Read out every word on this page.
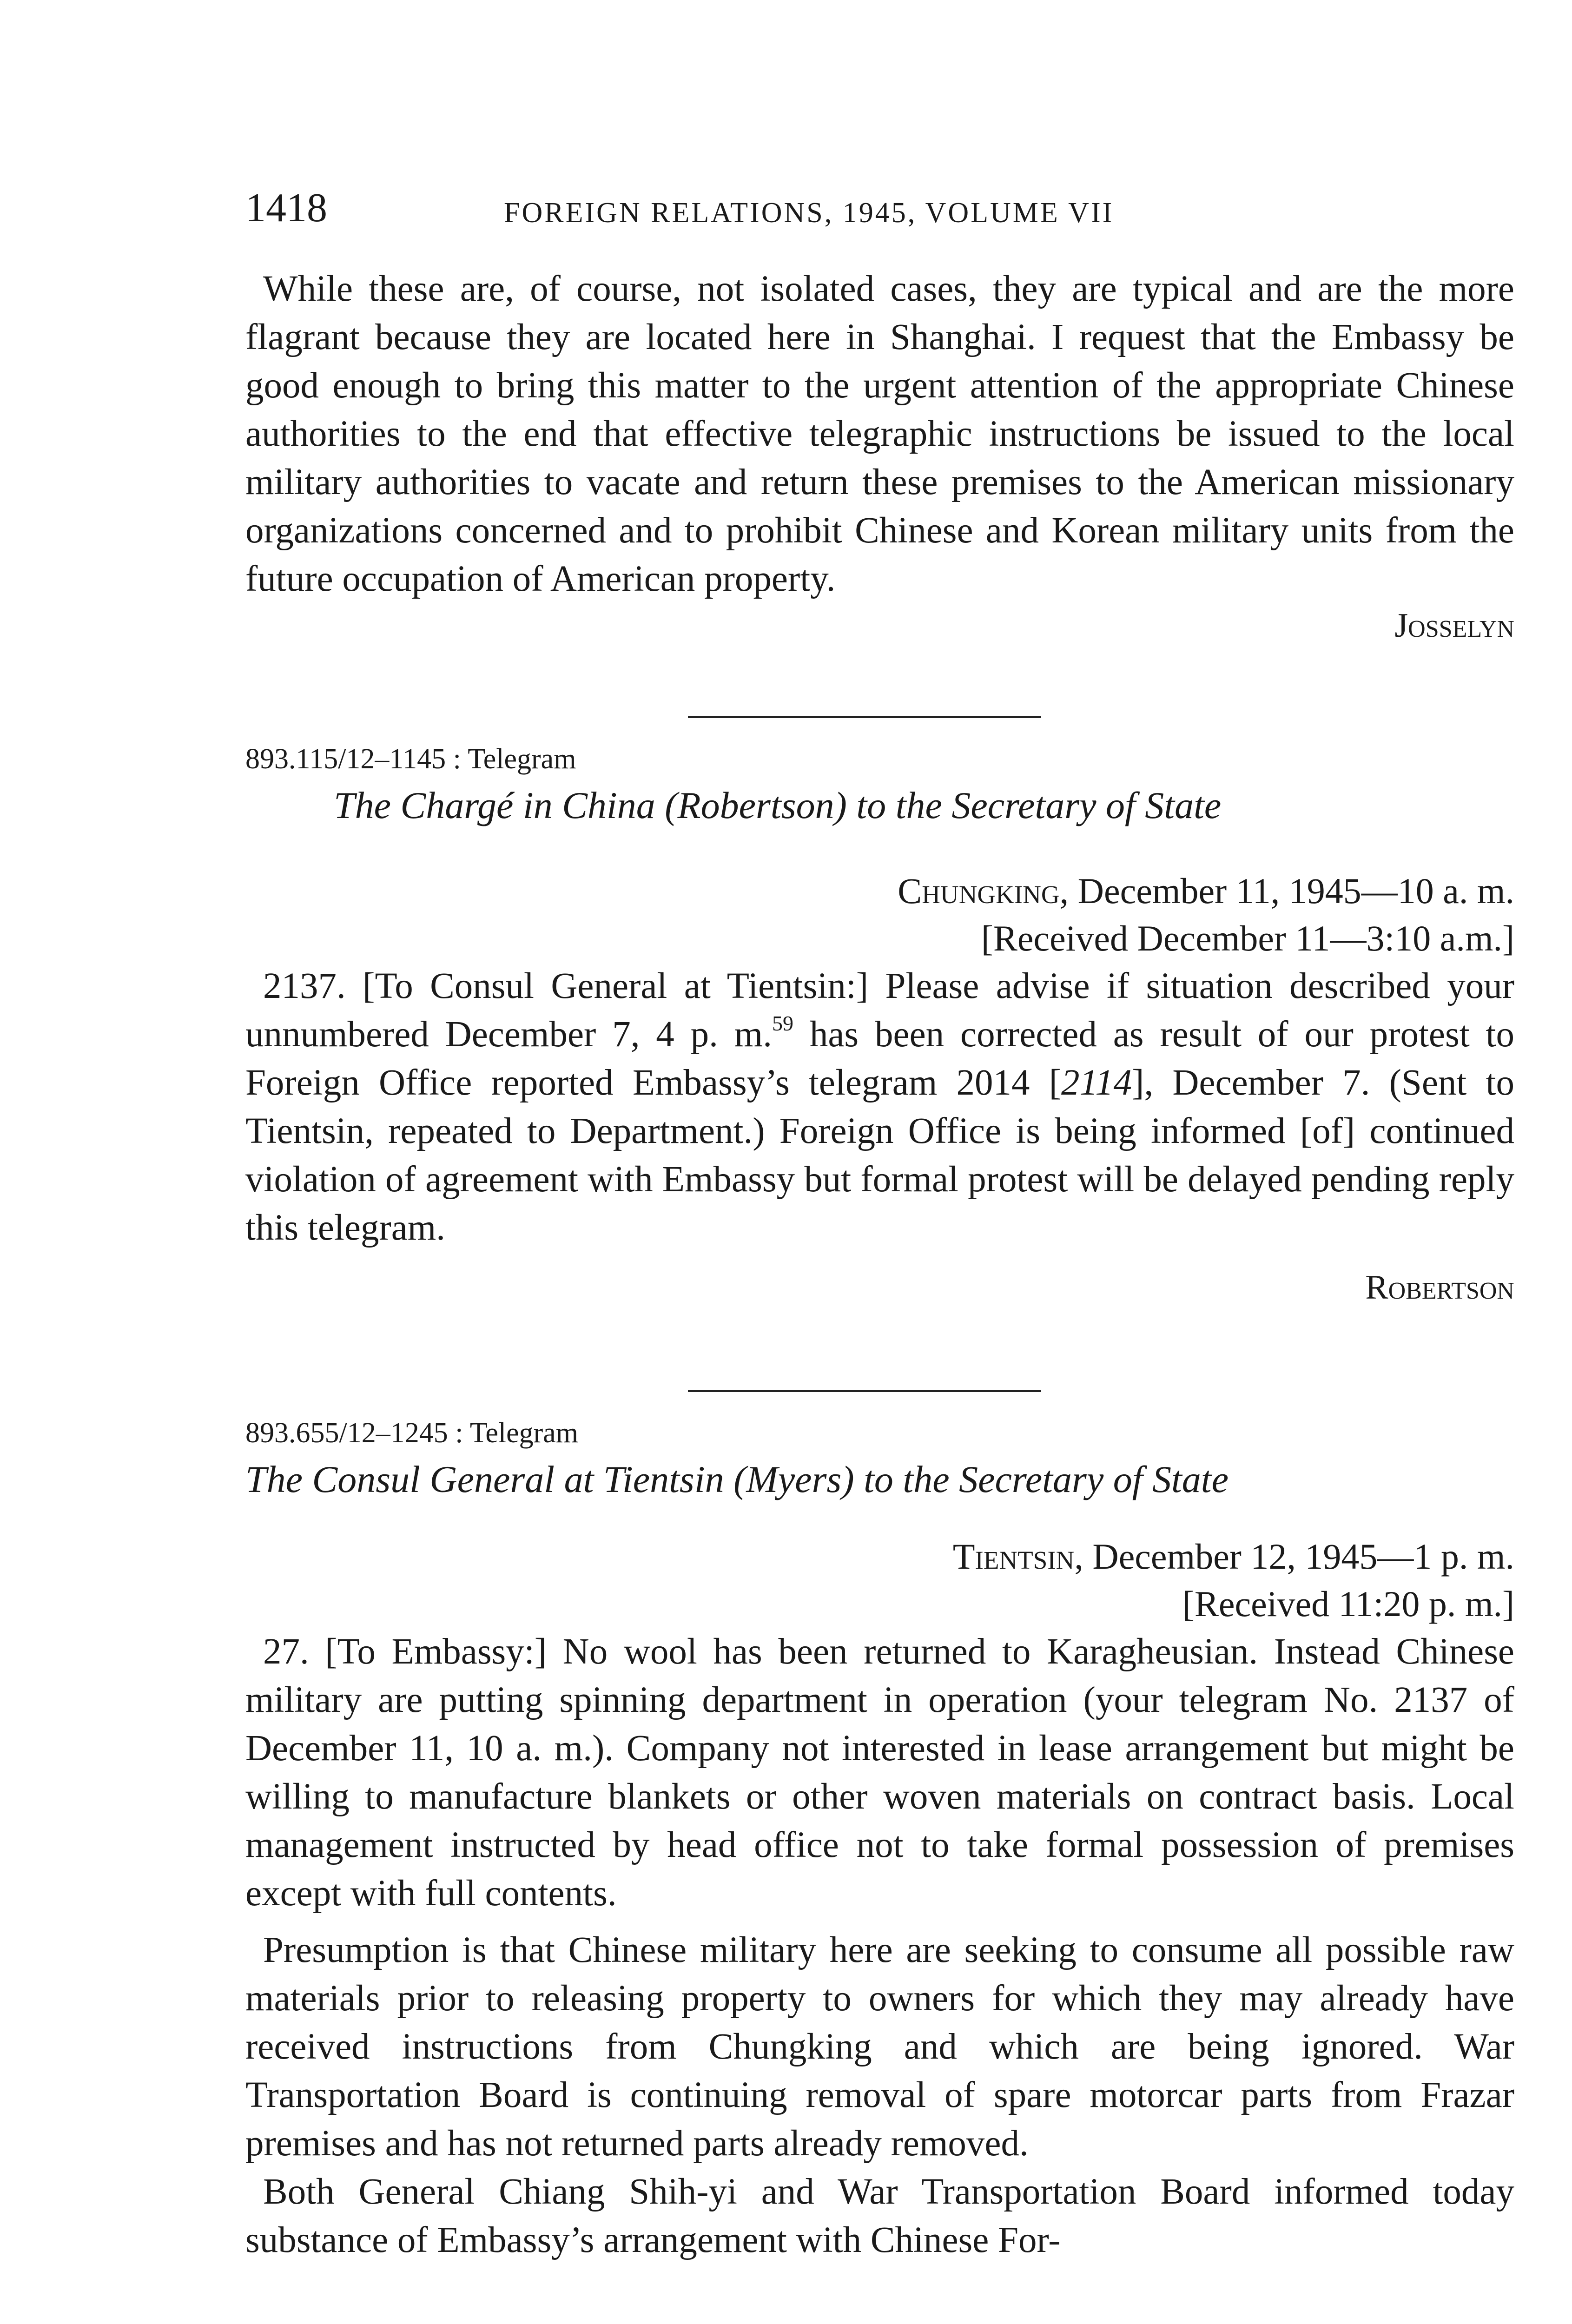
1418	FOREIGN RELATIONS, 1945, VOLUME VII

While these are, of course, not isolated cases, they are typical and are the more flagrant because they are located here in Shanghai. I request that the Embassy be good enough to bring this matter to the urgent attention of the appropriate Chinese authorities to the end that effective telegraphic instructions be issued to the local military authorities to vacate and return these premises to the American missionary organizations concerned and to prohibit Chinese and Korean military units from the future occupation of American property.

Josselyn
893.115/12–1145 : Telegram
The Chargé in China (Robertson) to the Secretary of State
Chungking, December 11, 1945—10 a. m.
[Received December 11—3:10 a.m.]

2137. [To Consul General at Tientsin:] Please advise if situation described your unnumbered December 7, 4 p. m.$^{59}$ has been corrected as result of our protest to Foreign Office reported Embassy’s telegram 2014 [2114], December 7. (Sent to Tientsin, repeated to Department.) Foreign Office is being informed [of] continued violation of agreement with Embassy but formal protest will be delayed pending reply this telegram.

Robertson
893.655/12–1245 : Telegram
The Consul General at Tientsin (Myers) to the Secretary of State
Tientsin, December 12, 1945—1 p. m.
[Received 11:20 p. m.]

27. [To Embassy:] No wool has been returned to Karagheusian. Instead Chinese military are putting spinning department in operation (your telegram No. 2137 of December 11, 10 a. m.). Company not interested in lease arrangement but might be willing to manufacture blankets or other woven materials on contract basis. Local management instructed by head office not to take formal possession of premises except with full contents.

Presumption is that Chinese military here are seeking to consume all possible raw materials prior to releasing property to owners for which they may already have received instructions from Chungking and which are being ignored. War Transportation Board is continuing removal of spare motorcar parts from Frazar premises and has not returned parts already removed.

Both General Chiang Shih-yi and War Transportation Board informed today substance of Embassy’s arrangement with Chinese For-
